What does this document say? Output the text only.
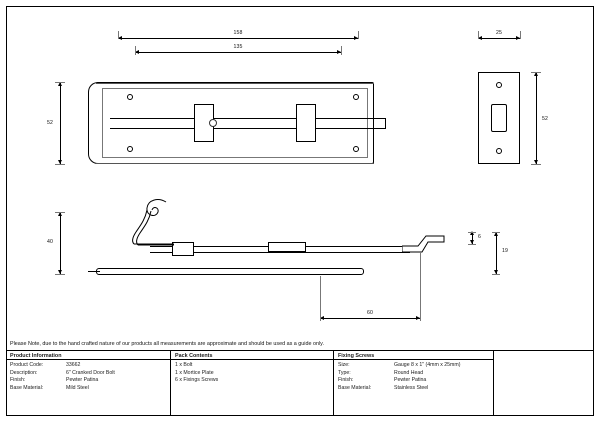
158
135
52
25
52
40
6
19
60
Please Note, due to the hand crafted nature of our products all measurements are approximate and should be used as a guide only.
Product Information
Product Code:	33662
Description:	6" Cranked Door Bolt
Finish:	Pewter Patina
Base Material:	Mild Steel
Pack Contents
1 x Bolt
1 x Mortice Plate
6 x Fixings Screws
Fixing Screws
Size:	Gauge 8 x 1" (4mm x 25mm)
Type:	Round Head
Finish:	Pewter Patina
Base Material:	Stainless Steel
